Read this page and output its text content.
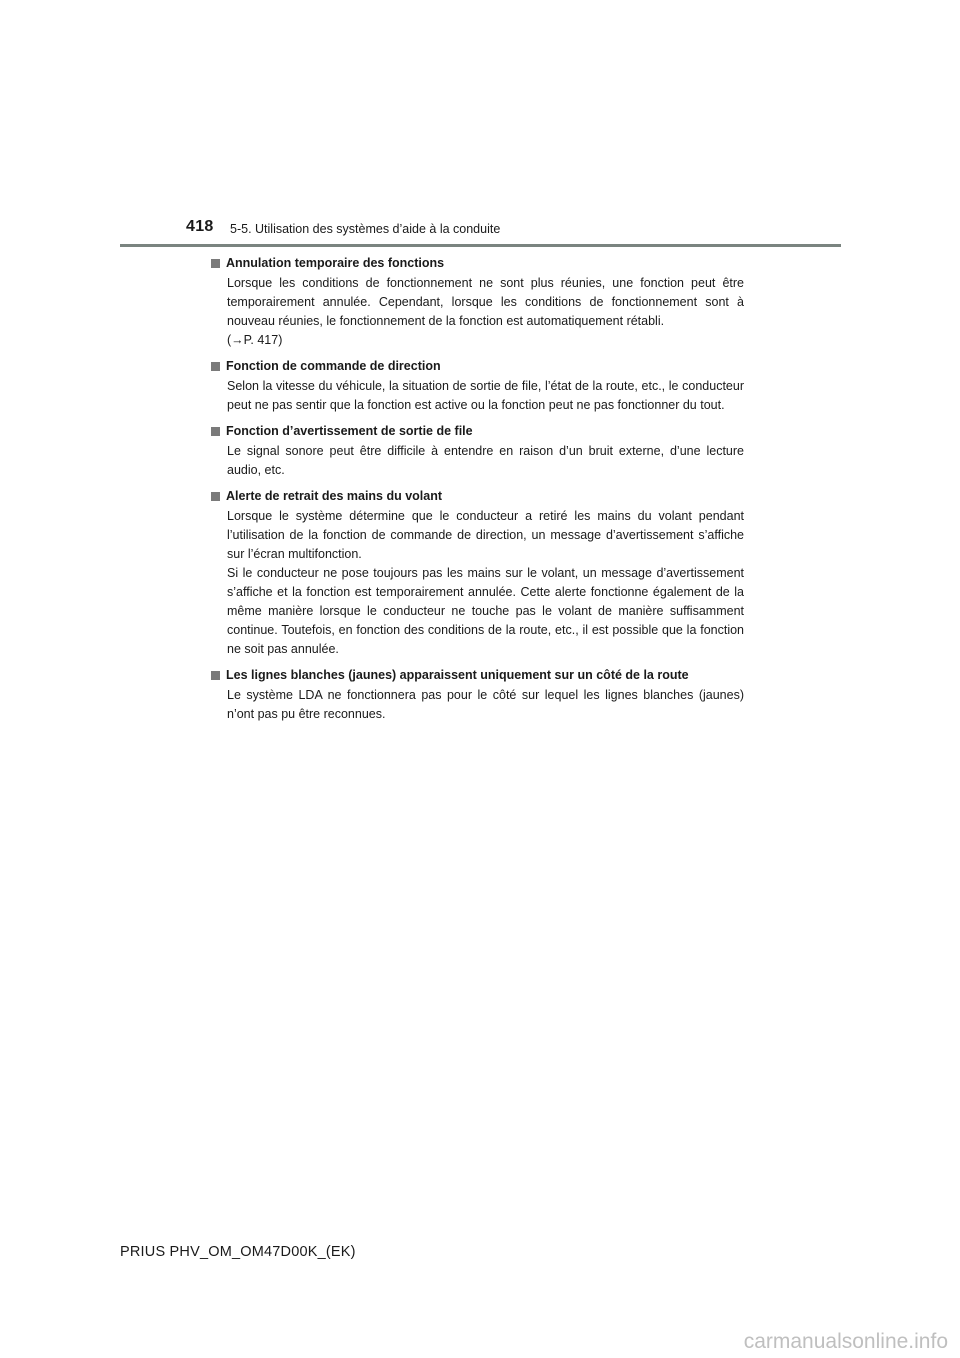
418 5-5. Utilisation des systèmes d’aide à la conduite
Annulation temporaire des fonctions

Lorsque les conditions de fonctionnement ne sont plus réunies, une fonction peut être temporairement annulée. Cependant, lorsque les conditions de fonctionnement sont à nouveau réunies, le fonctionnement de la fonction est automatiquement rétabli.

(→P. 417)

Fonction de commande de direction

Selon la vitesse du véhicule, la situation de sortie de file, l’état de la route, etc., le conducteur peut ne pas sentir que la fonction est active ou la fonction peut ne pas fonctionner du tout.

Fonction d’avertissement de sortie de file

Le signal sonore peut être difficile à entendre en raison d’un bruit externe, d’une lecture audio, etc.

Alerte de retrait des mains du volant

Lorsque le système détermine que le conducteur a retiré les mains du volant pendant l’utilisation de la fonction de commande de direction, un message d’avertissement s’affiche sur l’écran multifonction.

Si le conducteur ne pose toujours pas les mains sur le volant, un message d’avertissement s’affiche et la fonction est temporairement annulée. Cette alerte fonctionne également de la même manière lorsque le conducteur ne touche pas le volant de manière suffisamment continue. Toutefois, en fonction des conditions de la route, etc., il est possible que la fonction ne soit pas annulée.

Les lignes blanches (jaunes) apparaissent uniquement sur un côté de la route

Le système LDA ne fonctionnera pas pour le côté sur lequel les lignes blanches (jaunes) n’ont pas pu être reconnues.

PRIUS PHV_OM_OM47D00K_(EK)
carmanualsonline.info
